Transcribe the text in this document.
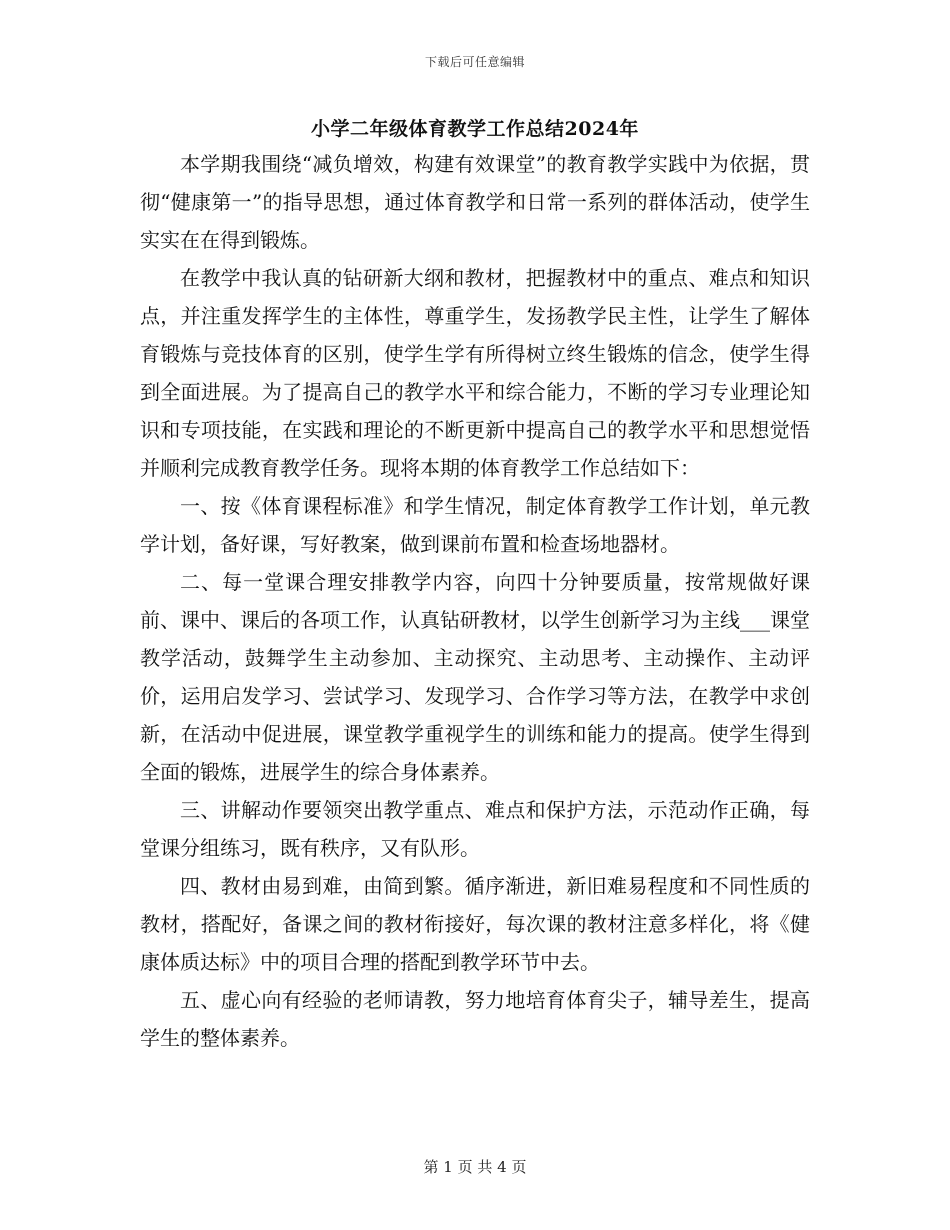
下载后可任意编辑
小学二年级体育教学工作总结2024年

本学期我围绕“减负增效，构建有效课堂”的教育教学实践中为依据，贯彻“健康第一”的指导思想，通过体育教学和日常一系列的群体活动，使学生实实在在得到锻炼。

在教学中我认真的钻研新大纲和教材，把握教材中的重点、难点和知识点，并注重发挥学生的主体性，尊重学生，发扬教学民主性，让学生了解体育锻炼与竞技体育的区别，使学生学有所得树立终生锻炼的信念，使学生得到全面进展。为了提高自己的教学水平和综合能力，不断的学习专业理论知识和专项技能，在实践和理论的不断更新中提高自己的教学水平和思想觉悟并顺利完成教育教学任务。现将本期的体育教学工作总结如下：

一、按《体育课程标准》和学生情况，制定体育教学工作计划，单元教学计划，备好课，写好教案，做到课前布置和检查场地器材。

二、每一堂课合理安排教学内容，向四十分钟要质量，按常规做好课前、课中、课后的各项工作，认真钻研教材，以学生创新学习为主线___课堂教学活动，鼓舞学生主动参加、主动探究、主动思考、主动操作、主动评价，运用启发学习、尝试学习、发现学习、合作学习等方法，在教学中求创新，在活动中促进展，课堂教学重视学生的训练和能力的提高。使学生得到全面的锻炼，进展学生的综合身体素养。

三、讲解动作要领突出教学重点、难点和保护方法，示范动作正确，每堂课分组练习，既有秩序，又有队形。

四、教材由易到难，由简到繁。循序渐进，新旧难易程度和不同性质的教材，搭配好，备课之间的教材衔接好，每次课的教材注意多样化，将《健康体质达标》中的项目合理的搭配到教学环节中去。

五、虚心向有经验的老师请教，努力地培育体育尖子，辅导差生，提高学生的整体素养。

第 1 页 共 4 页
